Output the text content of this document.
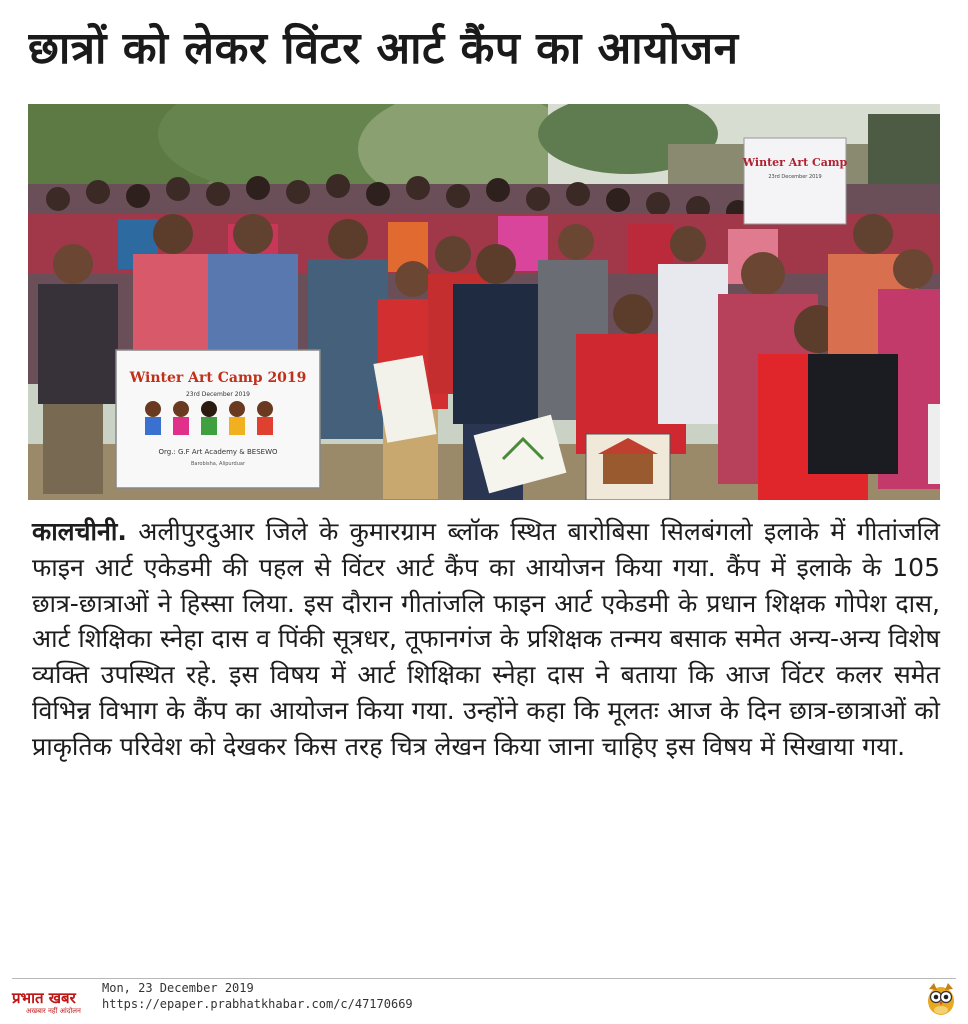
छात्रों को लेकर विंटर आर्ट कैंप का आयोजन
Winter Art Camp 2019
23rd December 2019
Org.: G.F Art Academy & BESEWO
Barobisha, Alipurduar
Winter Art Camp
23rd December 2019
कालचीनी. अलीपुरदुआर जिले के कुमारग्राम ब्लॉक स्थित बारोबिसा सिलबंगलो इलाके में गीतांजलि फाइन आर्ट एकेडमी की पहल से विंटर आर्ट कैंप का आयोजन किया गया. कैंप में इलाके के 105 छात्र-छात्राओं ने हिस्सा लिया. इस दौरान गीतांजलि फाइन आर्ट एकेडमी के प्रधान शिक्षक गोपेश दास, आर्ट शिक्षिका स्नेहा दास व पिंकी सूत्रधर, तूफानगंज के प्रशिक्षक तन्मय बसाक समेत अन्य-अन्य विशेष व्यक्ति उपस्थित रहे. इस विषय में आर्ट शिक्षिका स्नेहा दास ने बताया कि आज विंटर कलर समेत विभिन्न विभाग के कैंप का आयोजन किया गया. उन्होंने कहा कि मूलतः आज के दिन छात्र-छात्राओं को प्राकृतिक परिवेश को देखकर किस तरह चित्र लेखन किया जाना चाहिए इस विषय में सिखाया गया.
प्रभात खबर
अखबार नहीं आंदोलन
Mon, 23 December 2019
https://epaper.prabhatkhabar.com/c/47170669
